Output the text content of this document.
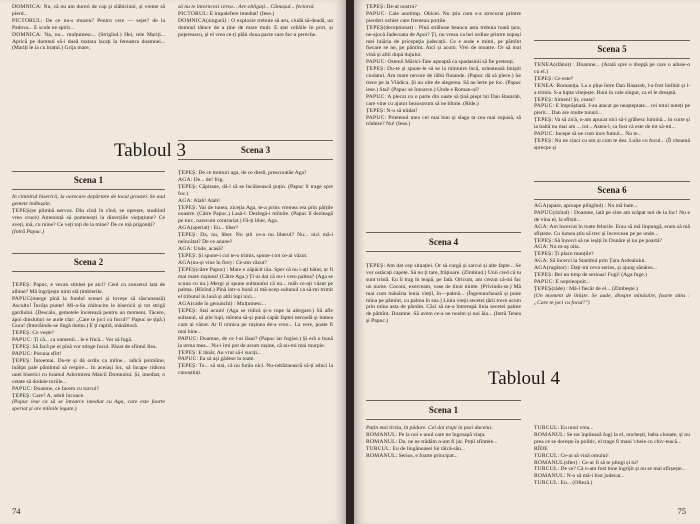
DOMNICA: Nu, că nu am dureri de cap și slăbiciuni, și vreme să pierd...

PICTORUL: De ce nu-s muzeu? Pentru cere — sejet? de la Padova... E scule ne spirit...

DOMNICA: Na, nu... mulțumesc... (Strigînd.) Hei, tele Mariți... Aprică pe domnul să-i dueă matara lacați la fereastra doamnei... (Mariți le ia cu brațul.) Grija mare,

să nu te întorncezi cerea... Are obligați... Cămașul... fectorul.

PICTORUL: E impalefere imediat! (Iese.)

DOMNICA(singură) : O explozie trebuie să aru, ciudă să-deadă, un domnul tătuce de a ține de mare mult. E ștat cebăile în port, și puțereascu, și el vrea ce-ți plăti doua pacte care fac-a pereche.

Tabloul 3
Scena 1

In cimitirul bisericii, la oarecare depărtare de locul groazei. Se aud gemete îndbușite.

ȚEPEȘ(se plimbă nervos. Din cînd în cînd, se oprește, studiind vreo cruce) Amenință să pomenești la dinecțiile vieţuțiune? Ce aveți, mă, cu mine? Ce veți toți de la mine? De ce mă prigoniți?

(Intră Papuc.)

Scena 2

ȚEPEȘ: Papuc, e vecan stinbei pe aici? Ceul cu zunzetul lata de albine? Mă îngrijește nimi stă țimbierile.

PAPUC(merge pînă la fundul scenei și loveșe să răscunează) Asculto! Învăța punte! Mi-a-Sa chibucitu le bisericii și tot strigă gardiului. (Descalo, gemetele încetează pentru un moment. Tăcere, apoi dinsluturi se aude clar: „Care te joci cu focul?" Papuc se țipă.) Gura! (Intorăindu-se lîngă domn.) E ți rapită, mănătioră.

ȚEPEȘ: Ce vește?

PAPUC: Ți că... ca oamenii... le e frică... Vor să fugă.

ȚEPEȘ: Să facă pe ei pînă vor stinge focul. Păzat de sfîntul Ilea.

PAPUC: Poruna sfîrt!

ȚEPEȘ: Întoemai. Du-te și dă ordin ca mîine... adică poimîine, înălțat pale pămîntul să respire... In aceiași loc, să încape ridicea unei biserici cu hramul Adormirea Maicii Domnului. Și, imediat, o cetate să doduie toriile...

PAPUC: Doamne, ce facem cu turcul?

ȚEPEȘ: Care? A, aduli încoace.

(Papuc iese ca să se întoarce imediat cu Aga, care este foarte speriat și are mîinile legate.)

Scena 3

ȚEPEȘ: De ce tremuri aga, de ce diedi, prescuratăe Aga?

AGA: De... de! frig.

ȚEPEȘ: Căpitane, dă-l să se încălzească puțin. (Papuc îl trage spre foc.)

AGA: Alah! Alah!

ȚEPEȘ: Vai de tunea, ziceția Aga, te-a prins vremea rea prin părțile noastre. (Către Papuc.) Lasă-l. Dezlegă-i mîinile. (Papuc îl dezleagă pe turc, oarecum contrariat.) Fă-ți liber, Aga.

AGA(speriat) : Eu... liber?

ȚEPEȘ: Da, nu, liber. Nu știi ce-a nu liberul? Nu... nici mă-i neîncătat? De ce anune?

AGA: Unde, acasă?

ȚEPEȘ: Și spune-i cui te-o trimis, spune-i tot ce-ai văzut.

AGA(nu-și vine în fire) : Ce-am văzut?

ȚEPEȘ(către Papuc) : Mare e zăpăcit rău. Sper că nu i-ați bătut, ar fi mai mare rușinea! (Către Aga.) Ți-ai dat că nu-i vreo palma? (Aga se scuna cu nu.) Mergi și spune sultanului că nu... măh ce-ați văzut pe palma. (Rîzînd.) Pînă într-o bună zi mă-ncep sultanul ca să-mi trimit el tributul în lună și altii lupi nici...

AGA(cade în genunchi) : Mulțumesc...

ȚEPEȘ: Stai acum! (Aga se ridică și-o rupe la alergare.) Să afle sultanul, să știe lupi, mîntea să-și pună capăt faptei neroadă și lumea cum ai văzut. Ar fi nimica pe rușinea de-a vreo... La vere, poate fi mai bine...

PAPUC: Doamne, de ce l-ai lăsat? (Papuc iar fugise.) Și eră o bună la urma mea... Nu-i îmi pot de acum rușine, că nu-mi mai murpie.

ȚEPEȘ: E tânăr, Au vrut să-l suciți...

PAPUC: Ea sâ ași gădese la toate.

ȚEPEȘ: Tu... să stai, că nu furăn nici. Nu-ndrăznească să-ți aduci la cunoștinți.

74

ȚEPEȘ: De-al nostru?

PAPUC: Cale anotimp. Obicei. Nu știu cum s-a strecurat printre pierderi ochier care fremeau porțile.

ȚEPEȘ(deceptionat) : Pînă străbuse beaucu asta trebuia toată țara, ne-ajocă Jadecoata de Apoi? Ți, nu vreau ca hei ordine printre supuși mei luiăria de pricepeţia judecații. Ce e aude e mimi, pe pămînt fiecare se ne, pe pămînt. Aici și acum. Vrei de moarte. Or să mai vină și altii după dujului.

PAPUC: Ostenii Mărici-Tate așteaptă ca spadasinii să fie pretenți.

ȚEPEȘ: Du-te și spune-le să se la mîntuire încă, orientează liniștit ciudatul. Am mare nevoie de răbii fluiande. (Papuc dă să plece.) Se trece pe la Vlădica. Și nu uite de alegerea. Să ne lerte pe loc. (Papuc iese.) Stai! (Papuc se întoarce.) Unde e Roman-ul?

PAPUC: A plecat cu o parte din oaste să țină piept lui Dan Basarab, care vine cu ajutor beaosorum să ne bîtuie. (Rîde.)

ȚEPEȘ: N-o să trădat!

PAPUC: Prietenul meu cel mai bun și slaga ta cea mai supusă, să trădeze? Nu! (Iese.)

Scena 4

ȚEPEȘ: Am dat cep situației. Or să curgă și sarcul și alte fapte... Se vor ostăcați capete. Să nu ți tare, frățioare. (Zîmbind.) Unii cred că tu sunt tristă. Eu îi trag în teapă, pe fată. Oricum, am crezut că-mi fac un nume. Coconi, exerceam, vase de tinut minte. (Privindu-se.) Mă mai cum mânăria lenia viețil, în—palmă... (Îngenunchează și pune mîna pe pămînt, cu palma în sus.) Linia vieții secetei țării trece acum prin mîna asta de pămînt. Căci să ne-a întrerupă linia secetei palme de pămînt. Doamne. Să avem ce-a ne nosim și noi ăia... (Intră Tenea și Papuc.)

Scena 5

TENEA(sfătuit) : Doamne... (Arată spre o drepță pe care o aduse-o cu el.)

ȚEPEȘ: Ce este?

TENEA: Romanița. La o pîne între Dan Basarab, l-a fost întîlnit și l-a trimis. S-a lupta vitejește. Buni în cale singur, ca el le dreaptă.

ȚEPEȘ: Simeni! Și, ceata?

PAPUC: E împrăștiată. I-au atacat pe neașteptate... cei totul nuteți pe pierit... Dan are multe tunuri...

ȚEPEȘ: Va să zică, n-am apucat nici să-l grăbesc lumină... în curte și la baltă nu mai am ... tot... Astea-l, ca fost că este de tot să-mi...

PAPUC: Incepe să ne cum ince fumul... Nu te...

ȚEPEȘ: Nu ne cinci cu om și cum te des. Luîie cu focul... (Îl cheamă sprecpe și

Scena 6

AGA(apare, aproape plîngînd) : Nu mă bate...

PAPUC(rîzînd) : Doamne, iată pe cine am scăpat noi de la foc! Nu e de vina el, la sfîrșit...

AGA: Am încercat în toate felurile. Erau să mă împungă, eram să mă sfîșteze. Cu lumea știu să trec și încerceau pe pe unde...

ȚEPEȘ: Să încerci să ne ieșiți în Dunăre și nu pe poartă?

AGA: Nu m-aș uita.

ȚEPEȘ: Ți place munțile?

AGA: Să încerci la Stambul prin Țara Ardealului.

AGA(rugător) : Dați-mi ceva serios, și ajung sănătos...

ȚEPEȘ: Bei un timp de serioas! Fugi! (Aga fuge.)

PAPUC: E neprieopoit...

ȚEPEȘ(râde) : Mă-l fiecăr de el... (Zîmbește.)

(Un moment de liniște. Se aude, dinspre mînăstire, foarte stins : „Care te joci cu focul?")

Tabloul 4
Scena 1

Puțin mai tîrziu, în pădure. Cei doi trapi în pozi ducelui.

ROMANUL: Pe la noi e unul care ne îngroapă viața.

ROMANUL: Da, ne ne trădăm n-am fi jur. Poții sfîntele...

TURCUL: Eu de lingănoasei lui tăică-său...

ROMANUL: Serios, e foarte principat...

TURCUL: Eu unul vrea...

ROMANUL: Se tot înpilează fugi la el, unchești, baba clonate, și nu prea ce se dorește în politic, el trage fi mani 'cheie cu chiv-teacă...

RÎDE

TURCUL: Ce-ai să vină omului!

ROMANUL(sfter) : Ce-ar fi să te plingi și tu?

TURCUL: De ce? Că n-am fost bine îngrijit și nu se mai sfîrșește...

ROMANUL: N-o să mă-i fost judecat...

TURCUL: Eu... (Ofteză.)

75
